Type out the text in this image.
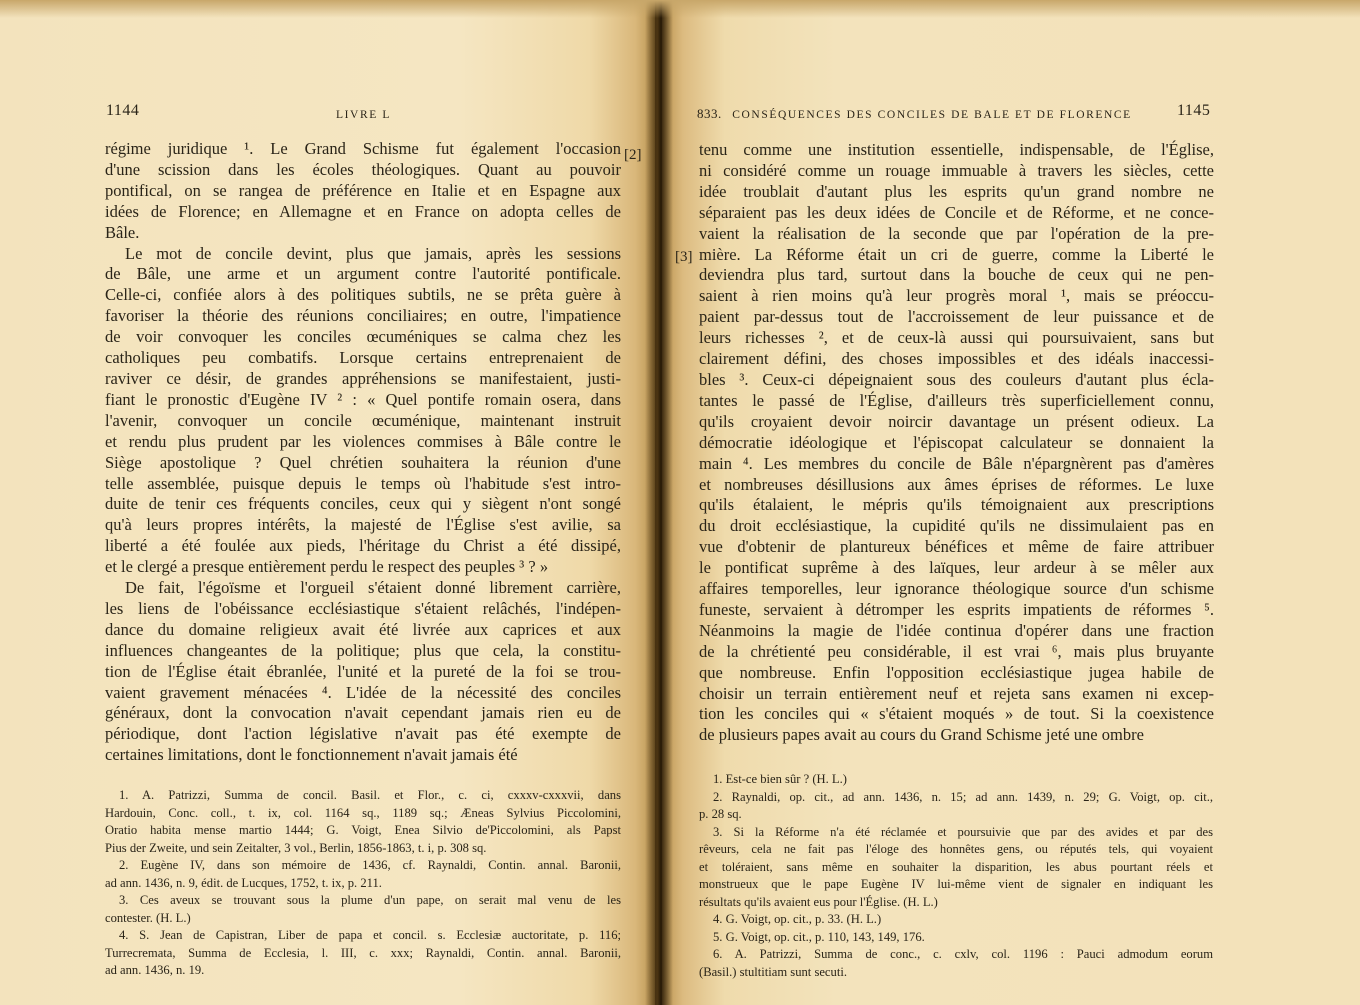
1144	LIVRE L	833. CONSÉQUENCES DES CONCILES DE BALE ET DE FLORENCE	1145
[2]
[3]
régime juridique ¹. Le Grand Schisme fut également l'occasion
d'une scission dans les écoles théologiques. Quant au pouvoir
pontifical, on se rangea de préférence en Italie et en Espagne aux
idées de Florence; en Allemagne et en France on adopta celles de
Bâle.
Le mot de concile devint, plus que jamais, après les sessions
de Bâle, une arme et un argument contre l'autorité pontificale.
Celle-ci, confiée alors à des politiques subtils, ne se prêta guère à
favoriser la théorie des réunions conciliaires; en outre, l'impatience
de voir convoquer les conciles œcuméniques se calma chez les
catholiques peu combatifs. Lorsque certains entreprenaient de
raviver ce désir, de grandes appréhensions se manifestaient, justi-
fiant le pronostic d'Eugène IV ² : « Quel pontife romain osera, dans
l'avenir, convoquer un concile œcuménique, maintenant instruit
et rendu plus prudent par les violences commises à Bâle contre le
Siège apostolique ? Quel chrétien souhaitera la réunion d'une
telle assemblée, puisque depuis le temps où l'habitude s'est intro-
duite de tenir ces fréquents conciles, ceux qui y siègent n'ont songé
qu'à leurs propres intérêts, la majesté de l'Église s'est avilie, sa
liberté a été foulée aux pieds, l'héritage du Christ a été dissipé,
et le clergé a presque entièrement perdu le respect des peuples ³ ? »
De fait, l'égoïsme et l'orgueil s'étaient donné librement carrière,
les liens de l'obéissance ecclésiastique s'étaient relâchés, l'indépen-
dance du domaine religieux avait été livrée aux caprices et aux
influences changeantes de la politique; plus que cela, la constitu-
tion de l'Église était ébranlée, l'unité et la pureté de la foi se trou-
vaient gravement ménacées ⁴. L'idée de la nécessité des conciles
généraux, dont la convocation n'avait cependant jamais rien eu de
périodique, dont l'action législative n'avait pas été exempte de
certaines limitations, dont le fonctionnement n'avait jamais été
tenu comme une institution essentielle, indispensable, de l'Église,
ni considéré comme un rouage immuable à travers les siècles, cette
idée troublait d'autant plus les esprits qu'un grand nombre ne
séparaient pas les deux idées de Concile et de Réforme, et ne conce-
vaient la réalisation de la seconde que par l'opération de la pre-
mière. La Réforme était un cri de guerre, comme la Liberté le
deviendra plus tard, surtout dans la bouche de ceux qui ne pen-
saient à rien moins qu'à leur progrès moral ¹, mais se préoccu-
paient par-dessus tout de l'accroissement de leur puissance et de
leurs richesses ², et de ceux-là aussi qui poursuivaient, sans but
clairement défini, des choses impossibles et des idéals inaccessi-
bles ³. Ceux-ci dépeignaient sous des couleurs d'autant plus écla-
tantes le passé de l'Église, d'ailleurs très superficiellement connu,
qu'ils croyaient devoir noircir davantage un présent odieux. La
démocratie idéologique et l'épiscopat calculateur se donnaient la
main ⁴. Les membres du concile de Bâle n'épargnèrent pas d'amères
et nombreuses désillusions aux âmes éprises de réformes. Le luxe
qu'ils étalaient, le mépris qu'ils témoignaient aux prescriptions
du droit ecclésiastique, la cupidité qu'ils ne dissimulaient pas en
vue d'obtenir de plantureux bénéfices et même de faire attribuer
le pontificat suprême à des laïques, leur ardeur à se mêler aux
affaires temporelles, leur ignorance théologique source d'un schisme
funeste, servaient à détromper les esprits impatients de réformes ⁵.
Néanmoins la magie de l'idée continua d'opérer dans une fraction
de la chrétienté peu considérable, il est vrai ⁶, mais plus bruyante
que nombreuse. Enfin l'opposition ecclésiastique jugea habile de
choisir un terrain entièrement neuf et rejeta sans examen ni excep-
tion les conciles qui « s'étaient moqués » de tout. Si la coexistence
de plusieurs papes avait au cours du Grand Schisme jeté une ombre
1. A. Patrizzi, Summa de concil. Basil. et Flor., c. ci, cxxxv-cxxxvii, dans
Hardouin, Conc. coll., t. ix, col. 1164 sq., 1189 sq.; Æneas Sylvius Piccolomini,
Oratio habita mense martio 1444; G. Voigt, Enea Silvio de'Piccolomini, als Papst
Pius der Zweite, und sein Zeitalter, 3 vol., Berlin, 1856-1863, t. i, p. 308 sq.
2. Eugène IV, dans son mémoire de 1436, cf. Raynaldi, Contin. annal. Baronii,
ad ann. 1436, n. 9, édit. de Lucques, 1752, t. ix, p. 211.
3. Ces aveux se trouvant sous la plume d'un pape, on serait mal venu de les
contester. (H. L.)
4. S. Jean de Capistran, Liber de papa et concil. s. Ecclesiæ auctoritate, p. 116;
Turrecremata, Summa de Ecclesia, l. III, c. xxx; Raynaldi, Contin. annal. Baronii,
ad ann. 1436, n. 19.
1. Est-ce bien sûr ? (H. L.)
2. Raynaldi, op. cit., ad ann. 1436, n. 15; ad ann. 1439, n. 29; G. Voigt, op. cit.,
p. 28 sq.
3. Si la Réforme n'a été réclamée et poursuivie que par des avides et par des
rêveurs, cela ne fait pas l'éloge des honnêtes gens, ou réputés tels, qui voyaient
et toléraient, sans même en souhaiter la disparition, les abus pourtant réels et
monstrueux que le pape Eugène IV lui-même vient de signaler en indiquant les
résultats qu'ils avaient eus pour l'Église. (H. L.)
4. G. Voigt, op. cit., p. 33. (H. L.)
5. G. Voigt, op. cit., p. 110, 143, 149, 176.
6. A. Patrizzi, Summa de conc., c. cxlv, col. 1196 : Pauci admodum eorum
(Basil.) stultitiam sunt secuti.
